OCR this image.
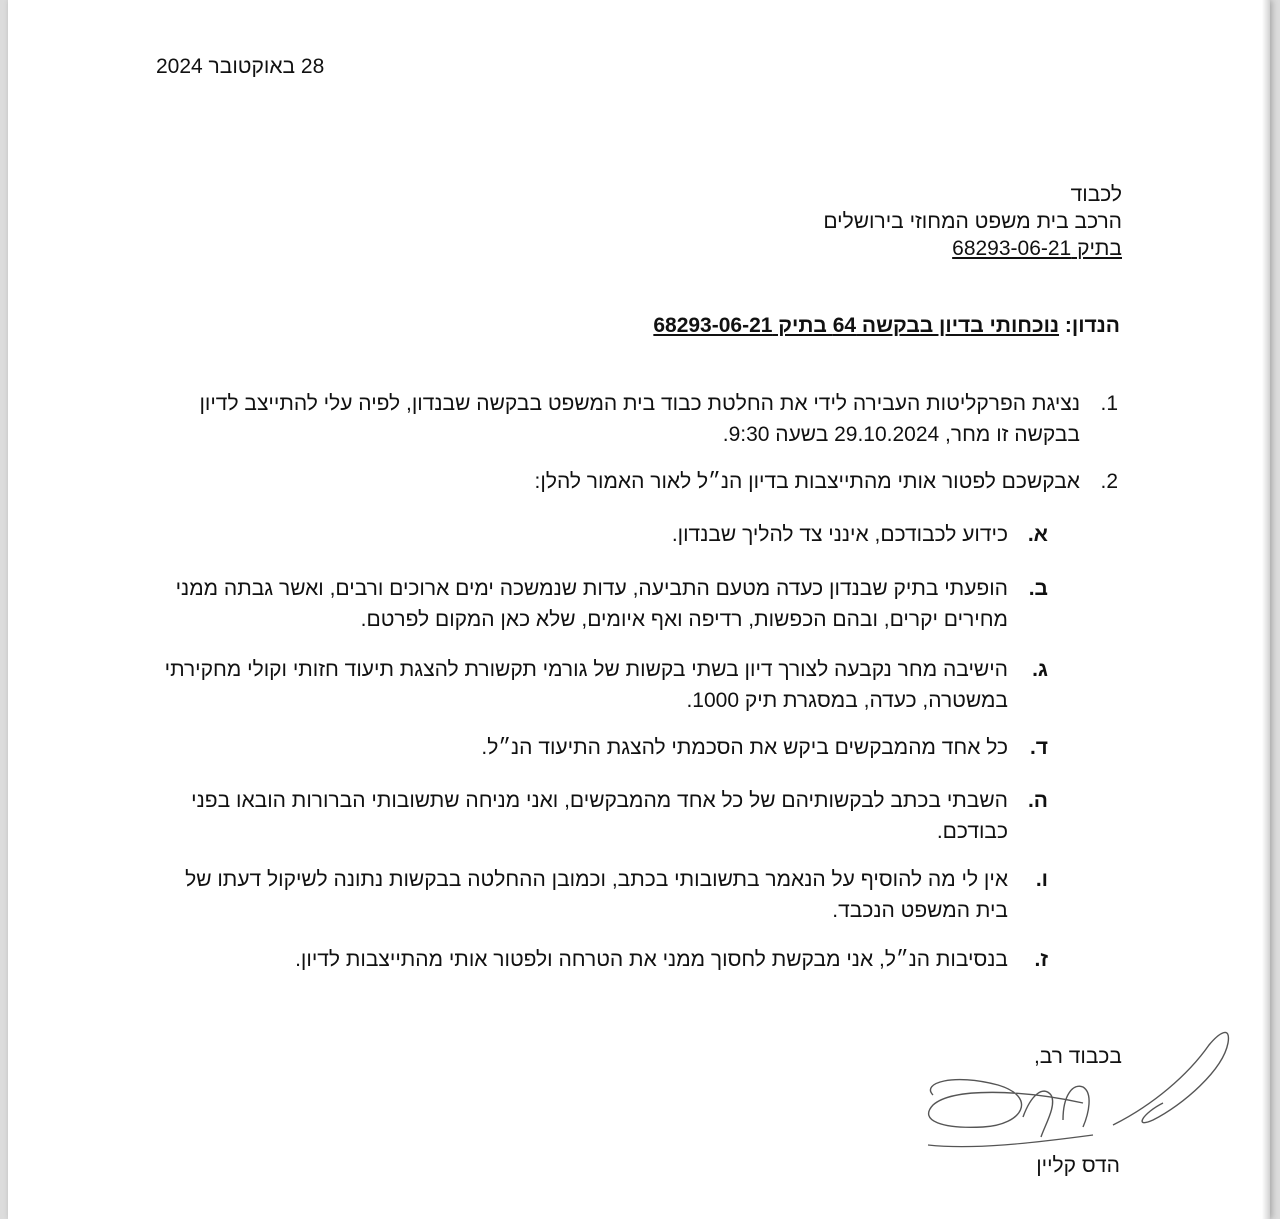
28 באוקטובר 2024
לכבוד
הרכב בית משפט המחוזי בירושלים
בתיק 68293-06-21
הנדון: נוכחותי בדיון בבקשה 64 בתיק 68293-06-21
1.
נציגת הפרקליטות העבירה לידי את החלטת כבוד בית המשפט בבקשה שבנדון, לפיה עלי להתייצב לדיון בבקשה זו מחר, 29.10.2024 בשעה 9:30.
2.
אבקשכם לפטור אותי מהתייצבות בדיון הנ״ל לאור האמור להלן:
א.
כידוע לכבודכם, אינני צד להליך שבנדון.
ב.
הופעתי בתיק שבנדון כעדה מטעם התביעה, עדות שנמשכה ימים ארוכים ורבים, ואשר גבתה ממני מחירים יקרים, ובהם הכפשות, רדיפה ואף איומים, שלא כאן המקום לפרטם.
ג.
הישיבה מחר נקבעה לצורך דיון בשתי בקשות של גורמי תקשורת להצגת תיעוד חזותי וקולי מחקירתי במשטרה, כעדה, במסגרת תיק 1000.
ד.
כל אחד מהמבקשים ביקש את הסכמתי להצגת התיעוד הנ״ל.
ה.
השבתי בכתב לבקשותיהם של כל אחד מהמבקשים, ואני מניחה שתשובותי הברורות הובאו בפני כבודכם.
ו.
אין לי מה להוסיף על הנאמר בתשובותי בכתב, וכמובן ההחלטה בבקשות נתונה לשיקול דעתו של בית המשפט הנכבד.
ז.
בנסיבות הנ״ל, אני מבקשת לחסוך ממני את הטרחה ולפטור אותי מהתייצבות לדיון.
בכבוד רב,
הדס קליין
